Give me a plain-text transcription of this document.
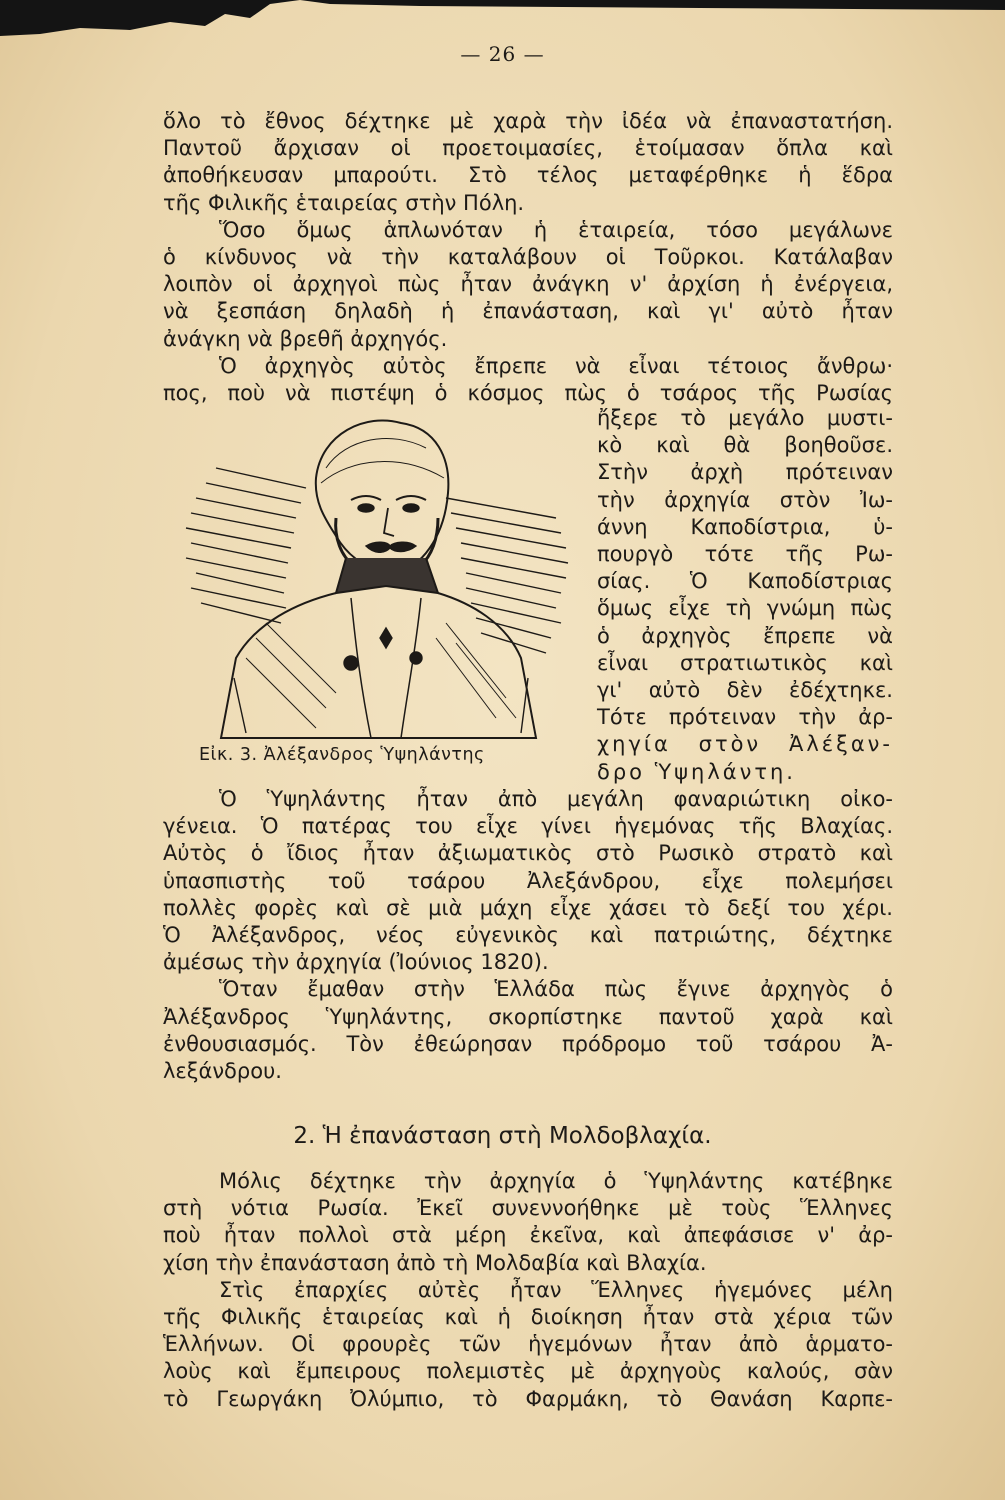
— 26 —
ὅλο τὸ ἔθνος δέχτηκε μὲ χαρὰ τὴν ἰδέα νὰ ἐπαναστατήση.
Παντοῦ ἄρχισαν οἱ προετοιμασίες, ἑτοίμασαν ὅπλα καὶ
ἀποθήκευσαν μπαρούτι. Στὸ τέλος μεταφέρθηκε ἡ ἕδρα
τῆς Φιλικῆς ἑταιρείας στὴν Πόλη.
Ὅσο ὅμως ἁπλωνόταν ἡ ἑταιρεία, τόσο μεγάλωνε
ὁ κίνδυνος νὰ τὴν καταλάβουν οἱ Τοῦρκοι. Κατάλαβαν
λοιπὸν οἱ ἀρχηγοὶ πὼς ἦταν ἀνάγκη ν' ἀρχίση ἡ ἐνέργεια,
νὰ ξεσπάση δηλαδὴ ἡ ἐπανάσταση, καὶ γι' αὐτὸ ἦταν
ἀνάγκη νὰ βρεθῆ ἀρχηγός.
Ὁ ἀρχηγὸς αὐτὸς ἔπρεπε νὰ εἶναι τέτοιος ἄνθρω·
πος, ποὺ νὰ πιστέψη ὁ κόσμος πὼς ὁ τσάρος τῆς Ρωσίας
Εἰκ. 3. Ἀλέξανδρος Ὑψηλάντης
ἤξερε τὸ μεγάλο μυστι-
κὸ καὶ θὰ βοηθοῦσε.
Στὴν ἀρχὴ πρότειναν
τὴν ἀρχηγία στὸν Ἰω-
άννη Καποδίστρια, ὑ-
πουργὸ τότε τῆς Ρω-
σίας. Ὁ Καποδίστριας
ὅμως εἶχε τὴ γνώμη πὼς
ὁ ἀρχηγὸς ἔπρεπε νὰ
εἶναι στρατιωτικὸς καὶ
γι' αὐτὸ δὲν ἐδέχτηκε.
Τότε πρότειναν τὴν ἀρ-
χηγία στὸν Ἀλέξαν-
δρο Ὑψηλάντη.
Ὁ Ὑψηλάντης ἦταν ἀπὸ μεγάλη φαναριώτικη οἰκο-
γένεια. Ὁ πατέρας του εἶχε γίνει ἡγεμόνας τῆς Βλαχίας.
Αὐτὸς ὁ ἴδιος ἦταν ἀξιωματικὸς στὸ Ρωσικὸ στρατὸ καὶ
ὑπασπιστὴς τοῦ τσάρου Ἀλεξάνδρου, εἶχε πολεμήσει
πολλὲς φορὲς καὶ σὲ μιὰ μάχη εἶχε χάσει τὸ δεξί του χέρι.
Ὁ Ἀλέξανδρος, νέος εὐγενικὸς καὶ πατριώτης, δέχτηκε
ἀμέσως τὴν ἀρχηγία (Ἰούνιος 1820).
Ὅταν ἔμαθαν στὴν Ἑλλάδα πὼς ἔγινε ἀρχηγὸς ὁ
Ἀλέξανδρος Ὑψηλάντης, σκορπίστηκε παντοῦ χαρὰ καὶ
ἐνθουσιασμός. Τὸν ἐθεώρησαν πρόδρομο τοῦ τσάρου Ἀ-
λεξάνδρου.
2. Ἡ ἐπανάσταση στὴ Μολδοβλαχία.
Μόλις δέχτηκε τὴν ἀρχηγία ὁ Ὑψηλάντης κατέβηκε
στὴ νότια Ρωσία. Ἐκεῖ συνεννοήθηκε μὲ τοὺς Ἕλληνες
ποὺ ἦταν πολλοὶ στὰ μέρη ἐκεῖνα, καὶ ἀπεφάσισε ν' ἀρ-
χίση τὴν ἐπανάσταση ἀπὸ τὴ Μολδαβία καὶ Βλαχία.
Στὶς ἐπαρχίες αὐτὲς ἦταν Ἕλληνες ἡγεμόνες μέλη
τῆς Φιλικῆς ἑταιρείας καὶ ἡ διοίκηση ἦταν στὰ χέρια τῶν
Ἑλλήνων. Οἱ φρουρὲς τῶν ἡγεμόνων ἦταν ἀπὸ ἁρματο-
λοὺς καὶ ἔμπειρους πολεμιστὲς μὲ ἀρχηγοὺς καλούς, σὰν
τὸ Γεωργάκη Ὀλύμπιο, τὸ Φαρμάκη, τὸ Θανάση Καρπε-
